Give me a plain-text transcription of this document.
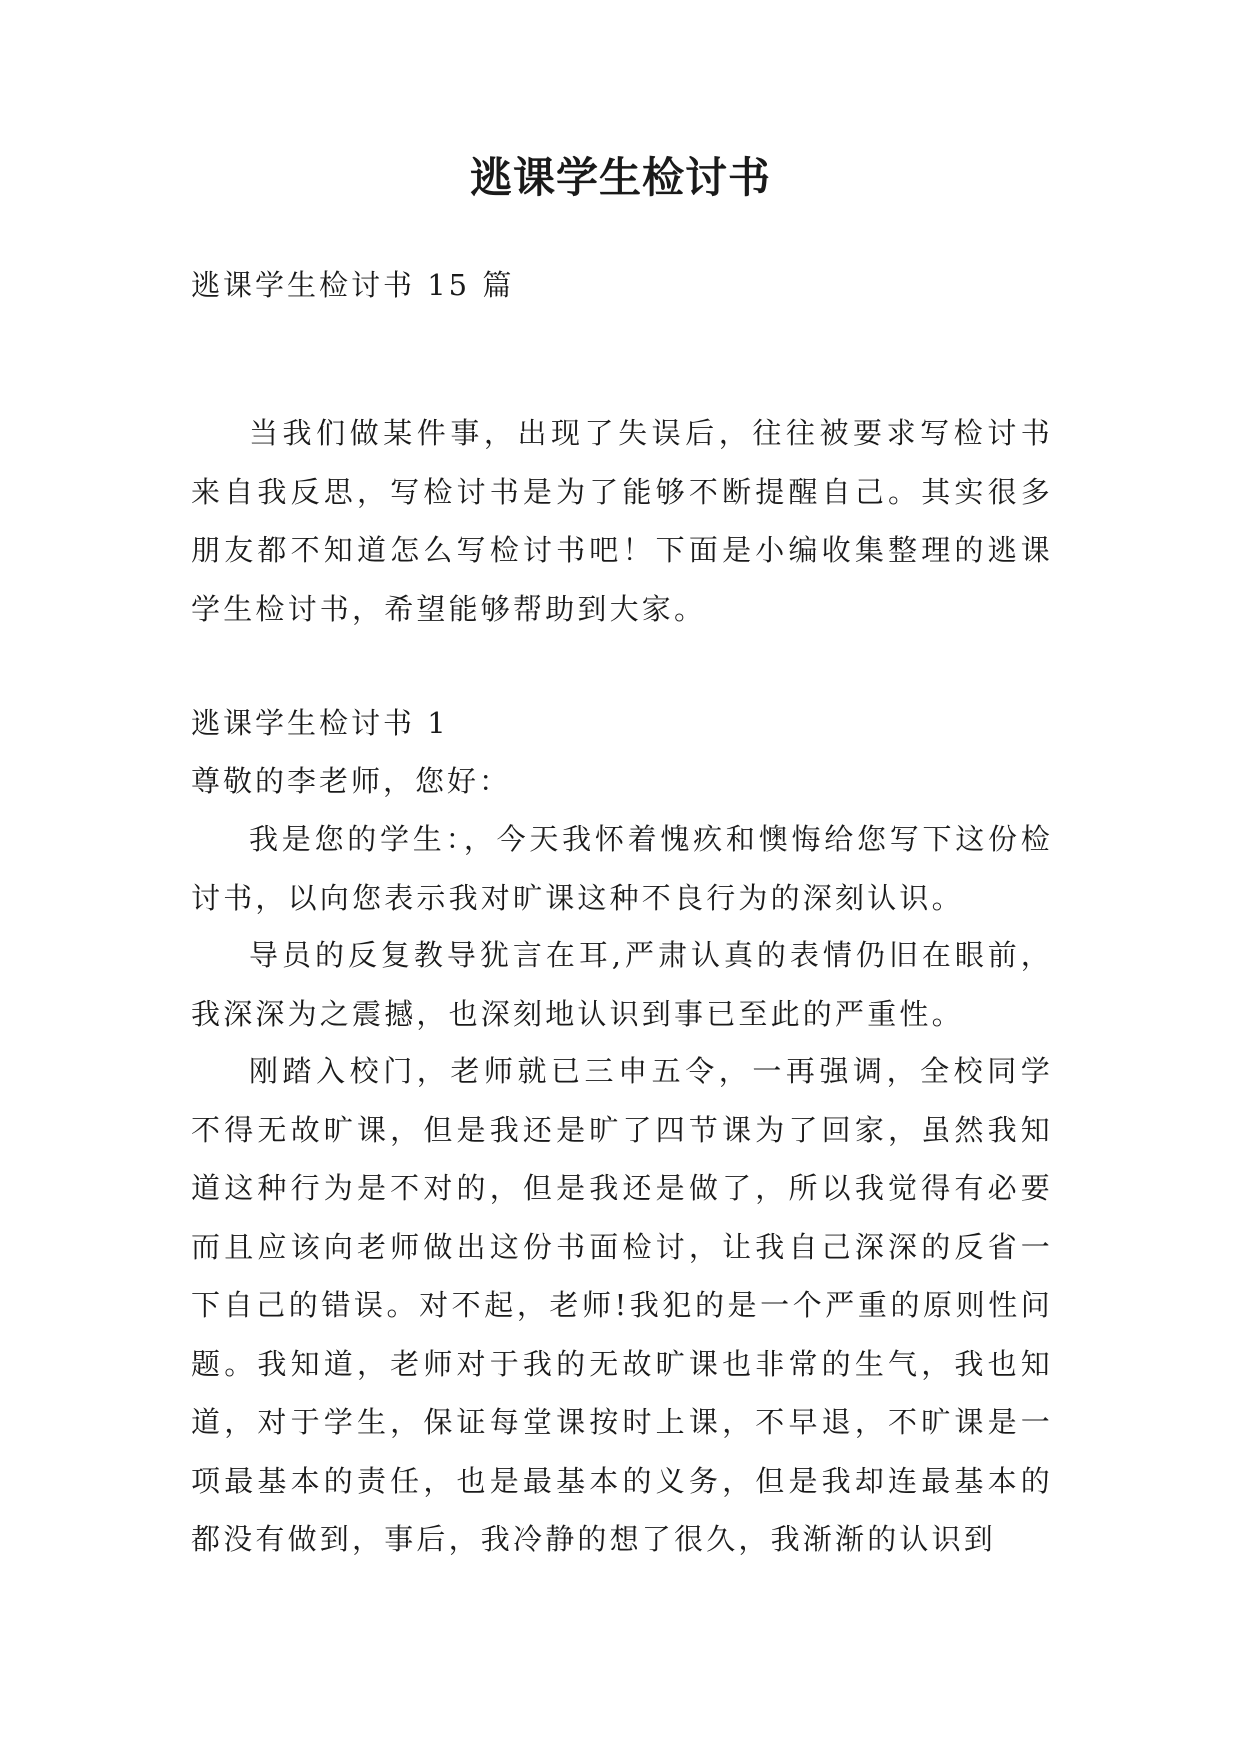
逃课学生检讨书

逃课学生检讨书 15 篇

当我们做某件事，出现了失误后，往往被要求写检讨书来自我反思，写检讨书是为了能够不断提醒自己。其实很多朋友都不知道怎么写检讨书吧！下面是小编收集整理的逃课学生检讨书，希望能够帮助到大家。

逃课学生检讨书 1

尊敬的李老师，您好：

我是您的学生：，今天我怀着愧疚和懊悔给您写下这份检讨书，以向您表示我对旷课这种不良行为的深刻认识。

导员的反复教导犹言在耳,严肃认真的表情仍旧在眼前，我深深为之震撼，也深刻地认识到事已至此的严重性。

刚踏入校门，老师就已三申五令，一再强调，全校同学不得无故旷课，但是我还是旷了四节课为了回家，虽然我知道这种行为是不对的，但是我还是做了，所以我觉得有必要而且应该向老师做出这份书面检讨，让我自己深深的反省一下自己的错误。对不起，老师!我犯的是一个严重的原则性问题。我知道，老师对于我的无故旷课也非常的生气，我也知道，对于学生，保证每堂课按时上课，不早退，不旷课是一项最基本的责任，也是最基本的义务，但是我却连最基本的都没有做到，事后，我冷静的想了很久，我渐渐的认识到
